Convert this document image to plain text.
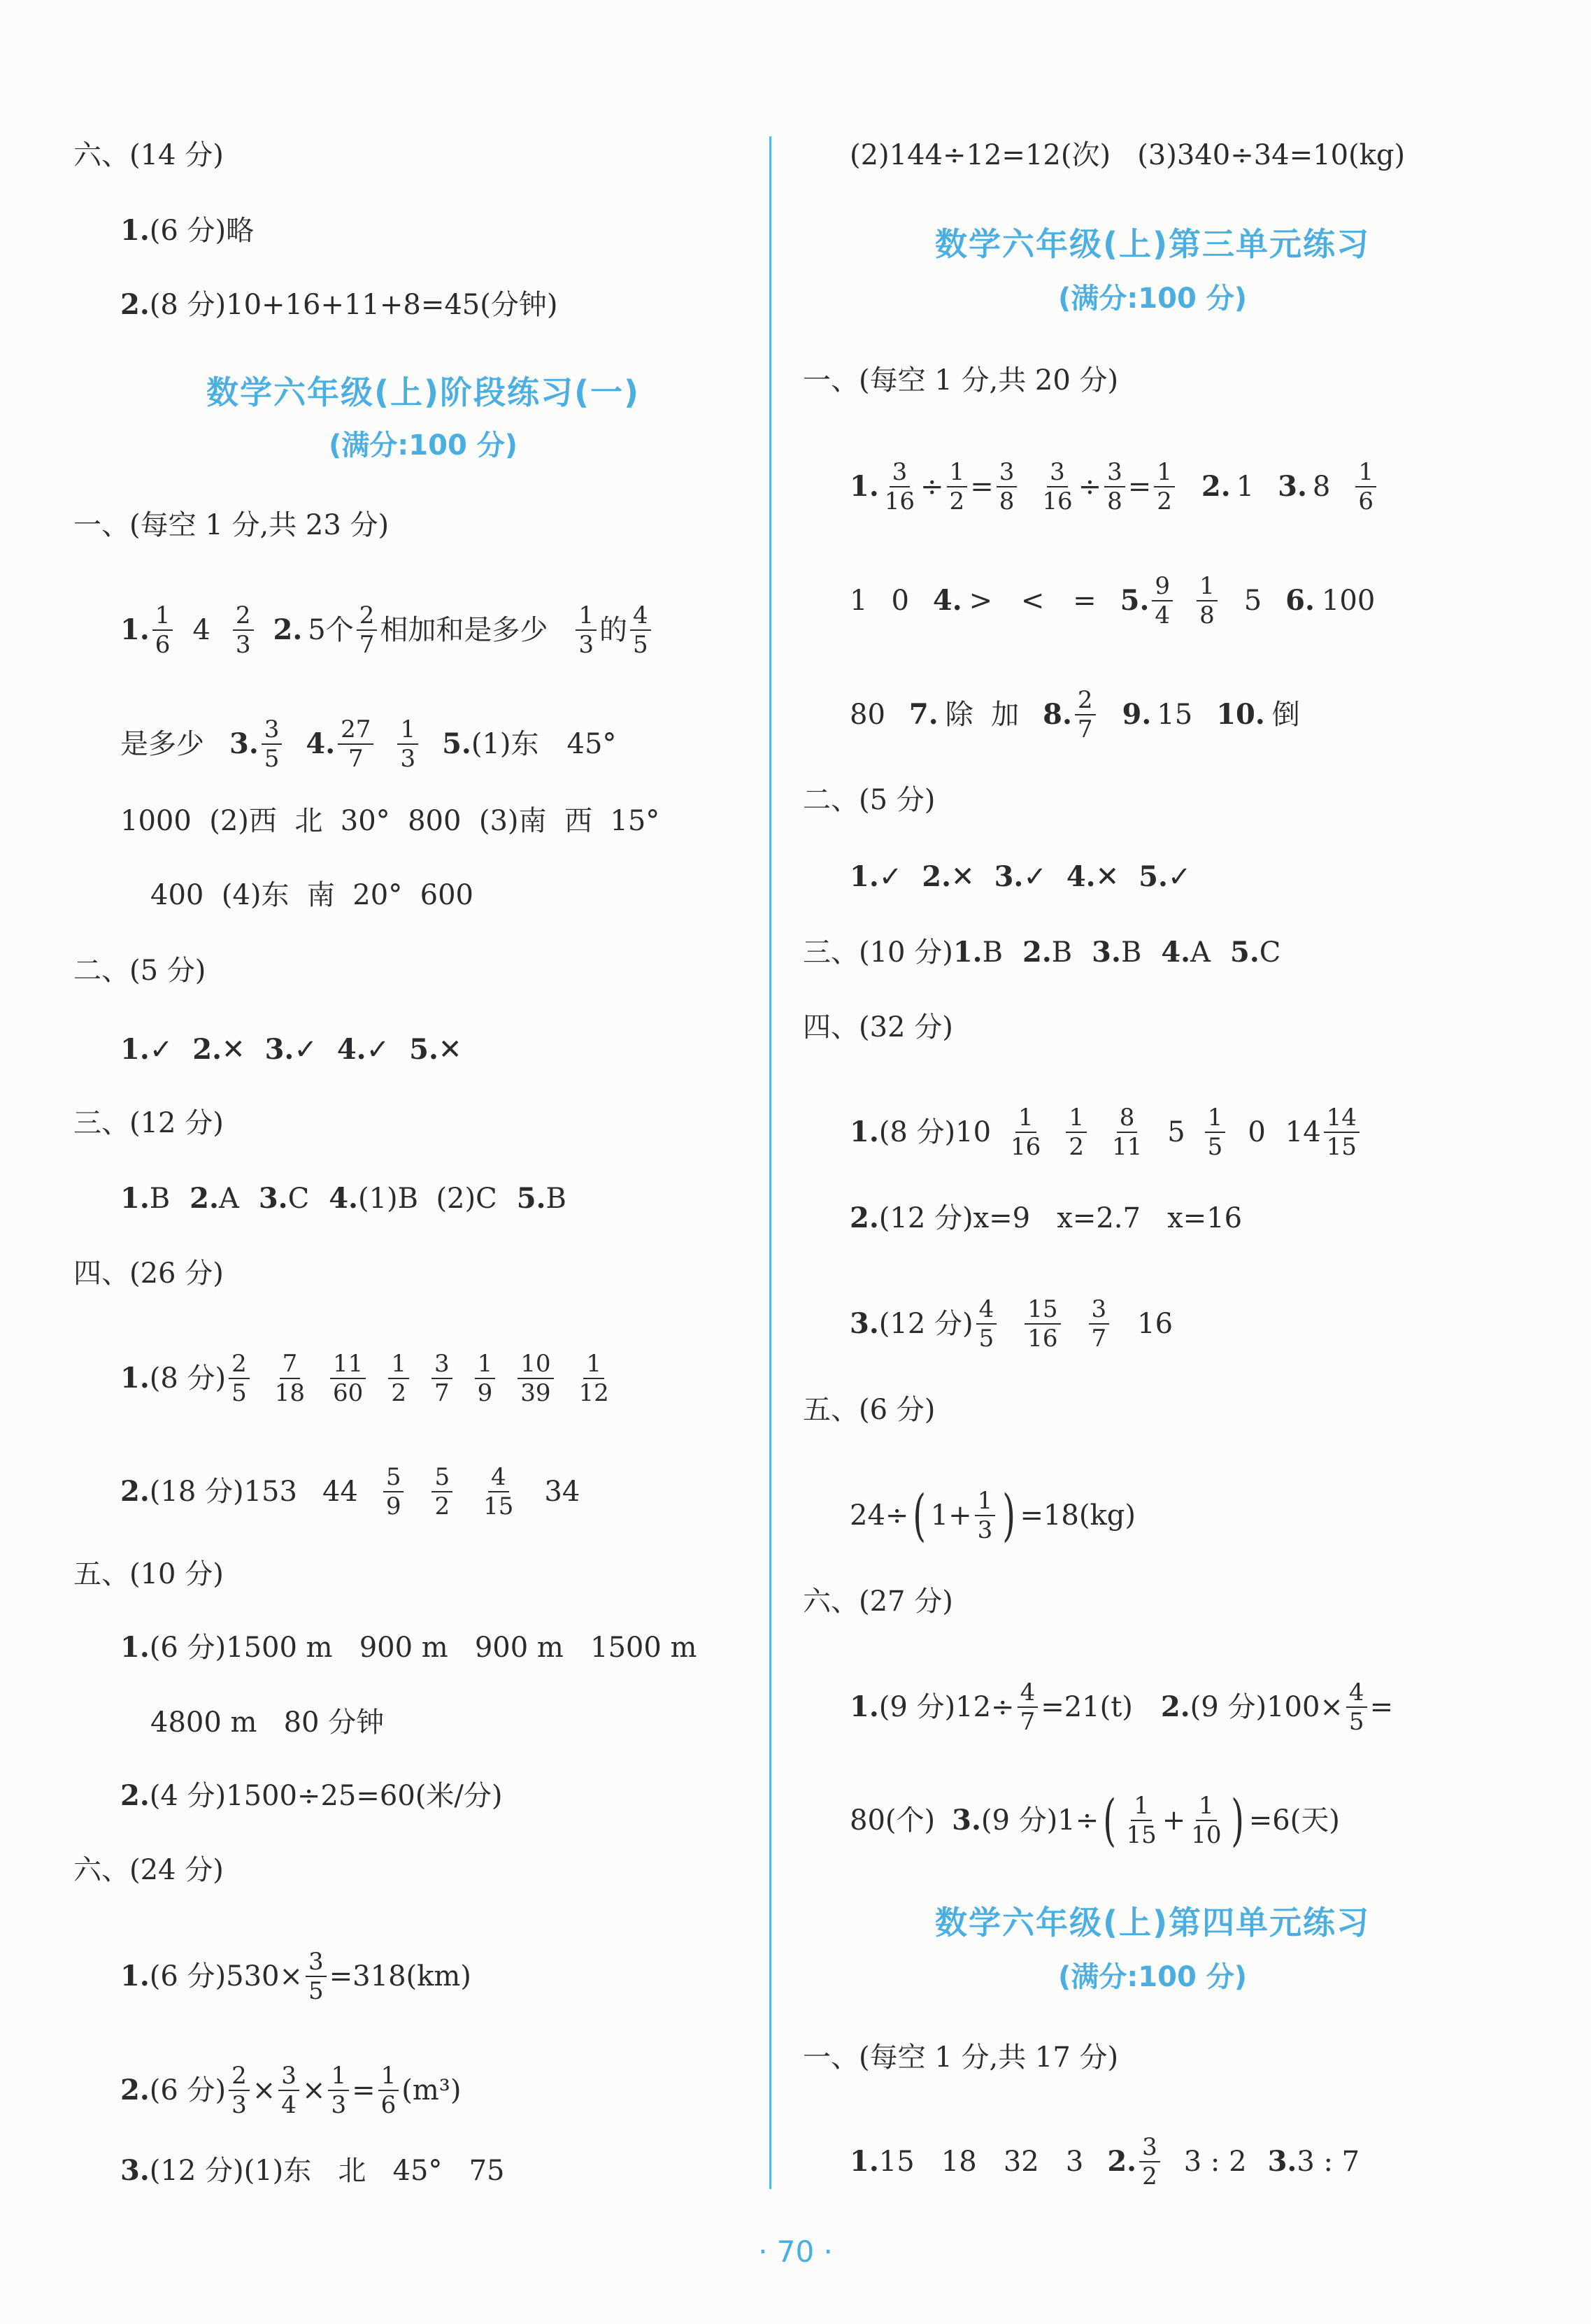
六、(14 分)
1. (6 分)略
2. (8 分)10+16+11+8=45(分钟)
数学六年级(上)阶段练习(一)
(满分:100 分)
一、(每空 1 分,共 23 分)
1. $\frac{1}{6} 4 \frac{2}{3} 2$. 5 个 $\frac{2}{7}$ 相加和是多少 $\frac{1}{3}$ 的 $\frac{4}{5}$
是多少 3. $\frac{3}{5} 4$. $\frac{27}{7} \frac{1}{3} 5$. (1)东 45°
1000  (2)西  北  30°  800  (3)南  西  15°
400  (4)东  南  20°  600
二、(5 分)
1. ✓ 2. ✕ 3. ✓ 4. ✓ 5. ✕
三、(12 分)
1. B 2. A 3. C 4. (1)B  (2)C 5. B
四、(26 分)
1. (8 分) $\frac{2}{5} \frac{7}{18} \frac{11}{60} \frac{1}{2} \frac{3}{7} \frac{1}{9} \frac{10}{39} \frac{1}{12}$
2. (18 分)153 $44 \frac{5}{9} \frac{5}{2} \frac{4}{15} 34$
五、(10 分)
1. (6 分)1500 m   900 m   900 m   1500 m
4800 m   80 分钟
2. (4 分)1500÷25=60(米/分)
六、(24 分)
1. (6 分)$530\times \frac{3}{5} =318(km)$
2. (6 分) $\frac{2}{3} \times \frac{3}{4} \times \frac{1}{3} = \frac{1}{6} (m^3)$
3. (12 分)(1)东   北   45°   75
(2)144÷12=12(次)   (3)340÷34=10(kg)
数学六年级(上)第三单元练习
(满分:100 分)
一、(每空 1 分,共 20 分)
1. $\frac{3}{16} \div \frac{1}{2} = \frac{3}{8} \frac{3}{16} \div \frac{3}{8} = \frac{1}{2} 2$. 1 3. $8 \frac{1}{6}$
1 0 4. > < = 5. $\frac{9}{4} \frac{1}{8} 5$ 6. 100
80 7. 除  加 8. $\frac{2}{7} 9$. 15 10. 倒
二、(5 分)
1. ✓ 2. ✕ 3. ✓ 4. ✕ 5. ✓
三、(10 分) 1. B 2. B 3. B 4. A 5. C
四、(32 分)
1. (8 分)$10 \frac{1}{16} \frac{1}{2} \frac{8}{11} 5 \frac{1}{5} 0$ $14 \frac{14}{15}$
2. (12 分)x=9   x=2.7   x=16
3. (12 分) $\frac{4}{5} \frac{15}{16} \frac{3}{7} 16$
五、(6 分)
24÷ ( $1+ \frac{1}{3}$ ) =18(kg)
六、(27 分)
1. (9 分)$12\div \frac{4}{7} =21(t)$ 2. (9 分)$100\times \frac{4}{5}$ =
80(个) 3. (9 分)1÷ ( $\frac{1}{15} + \frac{1}{10}$ ) =6(天)
数学六年级(上)第四单元练习
(满分:100 分)
一、(每空 1 分,共 17 分)
1. 15   18   32   3 2. $\frac{3}{2} 3$ : 2 3. 3 : 7
· 70 ·
